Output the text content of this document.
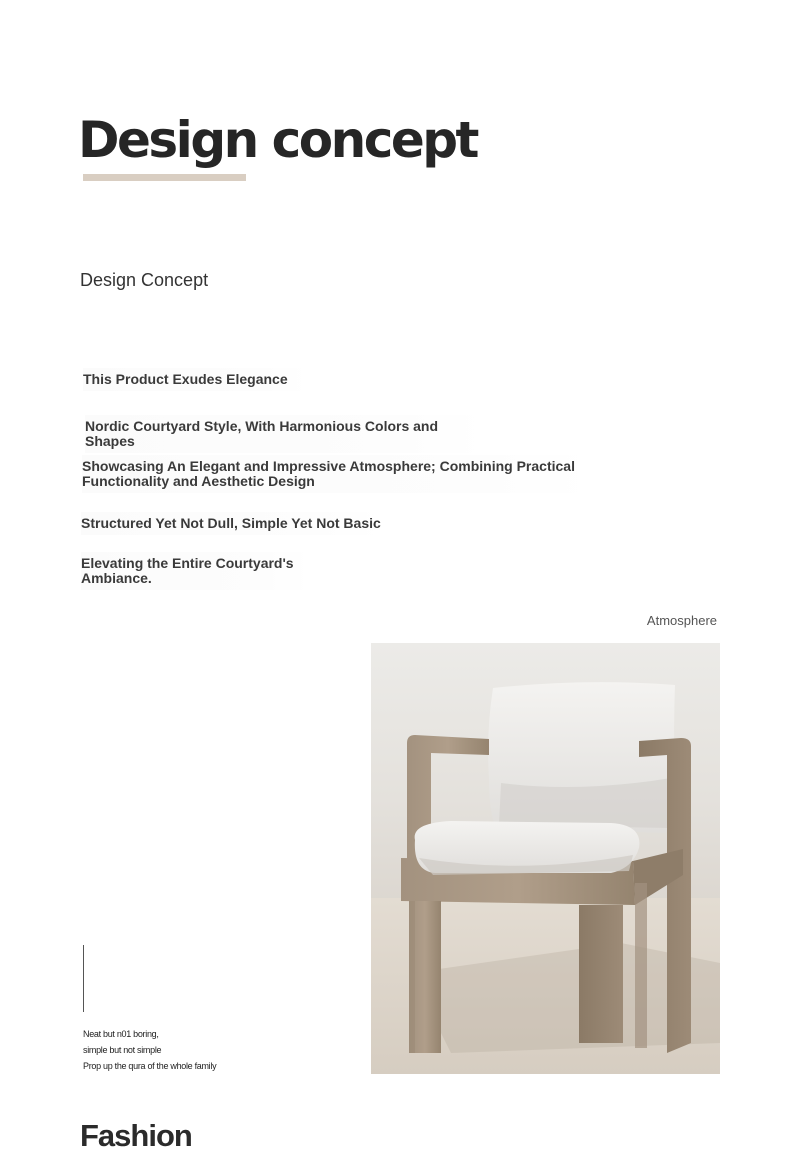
Design concept
Design Concept

This Product Exudes Elegance

Nordic Courtyard Style, With Harmonious Colors and Shapes

Showcasing An Elegant and Impressive Atmosphere; Combining Practical Functionality and Aesthetic Design

Structured Yet Not Dull, Simple Yet Not Basic

Elevating the Entire Courtyard's Ambiance.

Atmosphere
Neat but n01 boring,
simple but not simple
Prop up the qura of the whole family
Fashion
